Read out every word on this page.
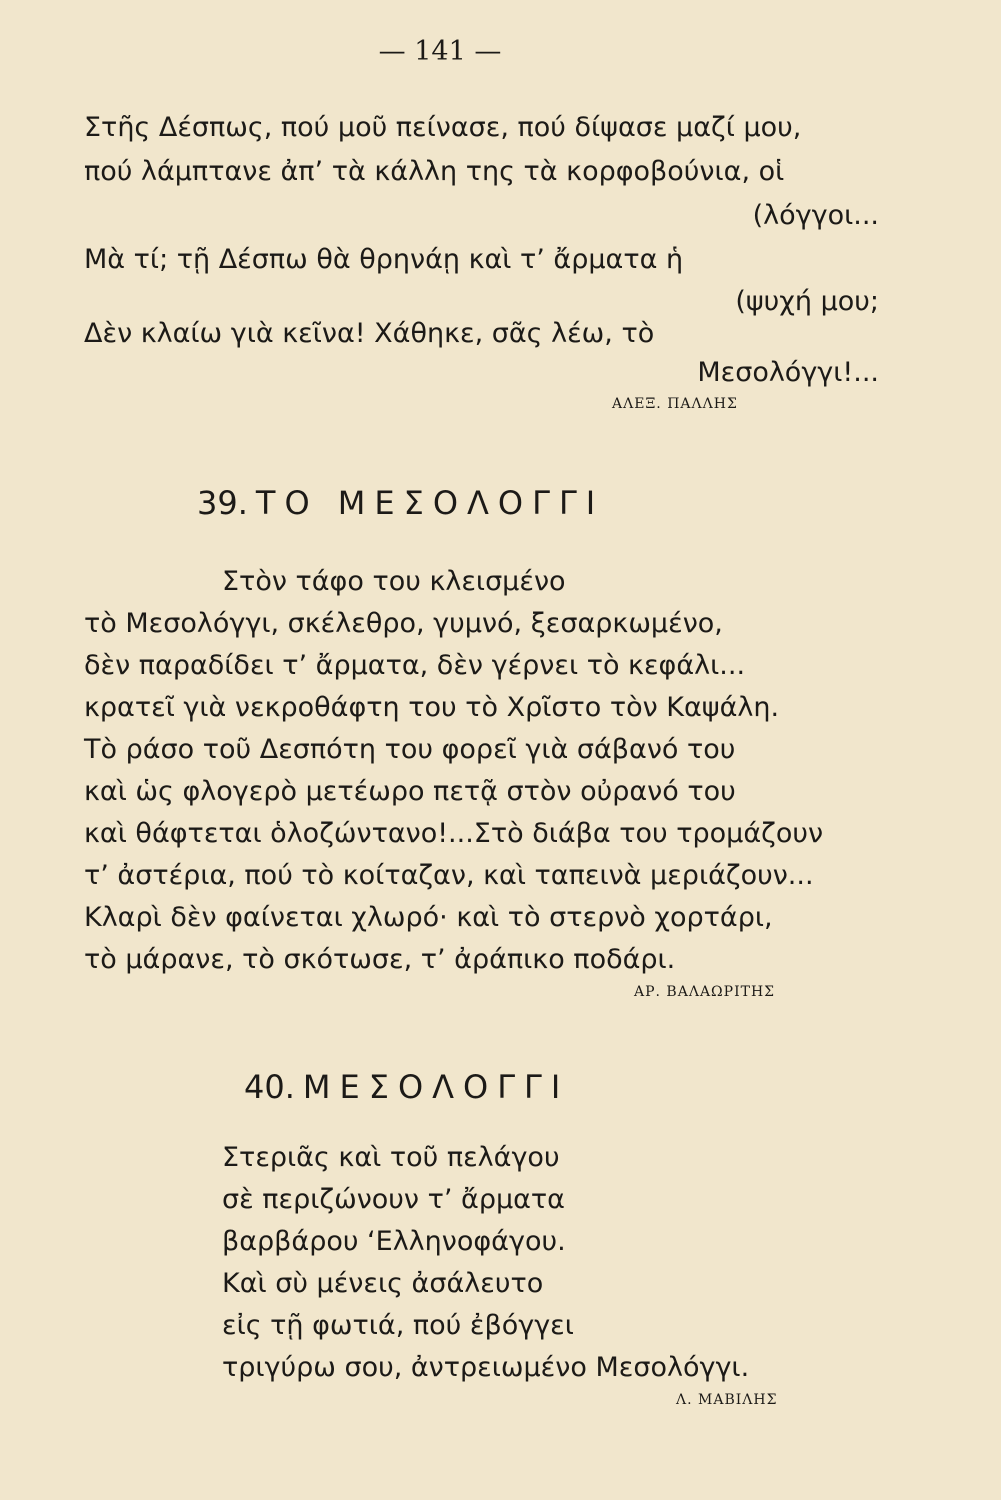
— 141 —
Στῆς Δέσπως, πού μοῦ πείνασε, πού δίψασε μαζί μου,
πού λάμπτανε ἀπ’ τὰ κάλλη της τὰ κορφοβούνια, οἱ
(λόγγοι...
Μὰ τί; τῇ Δέσπω θὰ θρηνάῃ καὶ τ’ ἄρματα ἡ
(ψυχή μου;
Δὲν κλαίω γιὰ κεῖνα! Χάθηκε, σᾶς λέω, τὸ
Μεσολόγγι!...
ΑΛΕΞ. ΠΑΛΛΗΣ
39. ΤΟ ΜΕΣΟΛΟΓΓΙ
Στὸν τάφο του κλεισμένο
τὸ Μεσολόγγι, σκέλεθρο, γυμνό, ξεσαρκωμένο,
δὲν παραδίδει τ’ ἄρματα, δὲν γέρνει τὸ κεφάλι...
κρατεῖ γιὰ νεκροθάφτη του τὸ Χρῖστο τὸν Καψάλη.
Τὸ ράσο τοῦ Δεσπότη του φορεῖ γιὰ σάβανό του
καὶ ὡς φλογερὸ μετέωρο πετᾷ στὸν οὐρανό του
καὶ θάφτεται ὁλοζώντανο!...Στὸ διάβα του τρομάζουν
τ’ ἀστέρια, πού τὸ κοίταζαν, καὶ ταπεινὰ μεριάζουν...
Κλαρὶ δὲν φαίνεται χλωρό· καὶ τὸ στερνὸ χορτάρι,
τὸ μάρανε, τὸ σκότωσε, τ’ ἀράπικο ποδάρι.
ΑΡ. ΒΑΛΑΩΡΙΤΗΣ
40. ΜΕΣΟΛΟΓΓΙ
Στεριᾶς καὶ τοῦ πελάγου
σὲ περιζώνουν τ’ ἄρματα
βαρβάρου ‘Ελληνοφάγου.
Καὶ σὺ μένεις ἀσάλευτο
εἰς τῇ φωτιά, πού ἐβόγγει
τριγύρω σου, ἀντρειωμένο Μεσολόγγι.
Λ. ΜΑΒΙΛΗΣ
